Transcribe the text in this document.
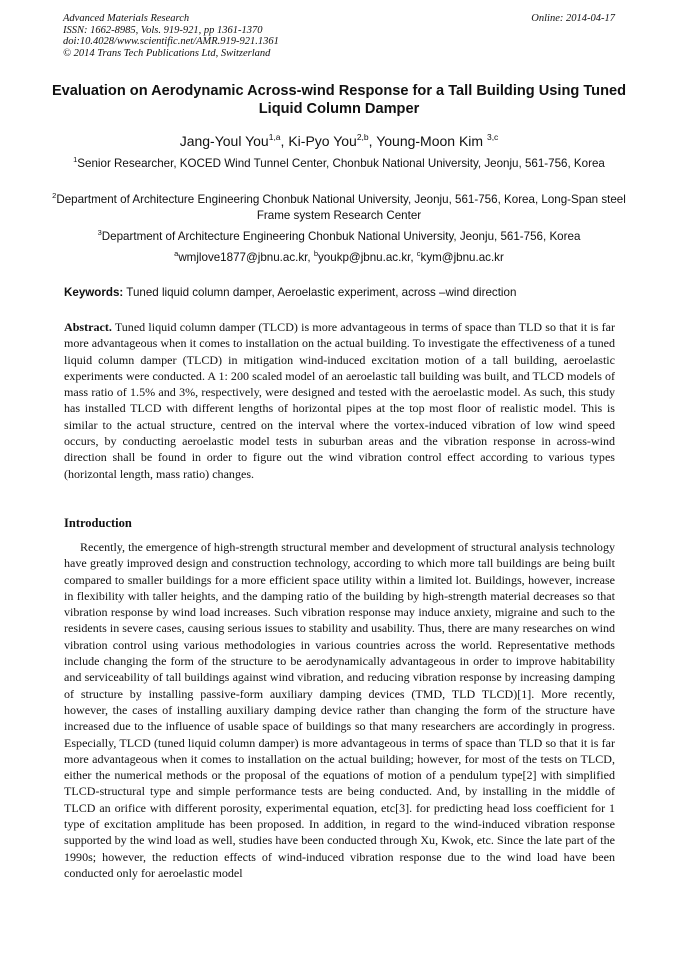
Advanced Materials Research
ISSN: 1662-8985, Vols. 919-921, pp 1361-1370
doi:10.4028/www.scientific.net/AMR.919-921.1361
© 2014 Trans Tech Publications Ltd, Switzerland
Online: 2014-04-17
Evaluation on Aerodynamic Across-wind Response for a Tall Building Using Tuned Liquid Column Damper
Jang-Youl You$^{1,a}$, Ki-Pyo You$^{2,b}$, Young-Moon Kim $^{3,c}$
$^1$Senior Researcher, KOCED Wind Tunnel Center, Chonbuk National University, Jeonju, 561-756, Korea
$^2$Department of Architecture Engineering Chonbuk National University, Jeonju, 561-756, Korea, Long-Span steel Frame system Research Center
$^3$Department of Architecture Engineering Chonbuk National University, Jeonju, 561-756, Korea
$^a$wmjlove1877@jbnu.ac.kr, $^b$youkp@jbnu.ac.kr, $^c$kym@jbnu.ac.kr
Keywords: Tuned liquid column damper, Aeroelastic experiment, across –wind direction
Abstract. Tuned liquid column damper (TLCD) is more advantageous in terms of space than TLD so that it is far more advantageous when it comes to installation on the actual building. To investigate the effectiveness of a tuned liquid column damper (TLCD) in mitigation wind-induced excitation motion of a tall building, aeroelastic experiments were conducted. A 1: 200 scaled model of an aeroelastic tall building was built, and TLCD models of mass ratio of 1.5% and 3%, respectively, were designed and tested with the aeroelastic model. As such, this study has installed TLCD with different lengths of horizontal pipes at the top most floor of realistic model. This is similar to the actual structure, centred on the interval where the vortex-induced vibration of low wind speed occurs, by conducting aeroelastic model tests in suburban areas and the vibration response in across-wind direction shall be found in order to figure out the wind vibration control effect according to various types (horizontal length, mass ratio) changes.
Introduction
Recently, the emergence of high-strength structural member and development of structural analysis technology have greatly improved design and construction technology, according to which more tall buildings are being built compared to smaller buildings for a more efficient space utility within a limited lot. Buildings, however, increase in flexibility with taller heights, and the damping ratio of the building by high-strength material decreases so that vibration response by wind load increases. Such vibration response may induce anxiety, migraine and such to the residents in severe cases, causing serious issues to stability and usability. Thus, there are many researches on wind vibration control using various methodologies in various countries across the world. Representative methods include changing the form of the structure to be aerodynamically advantageous in order to improve habitability and serviceability of tall buildings against wind vibration, and reducing vibration response by increasing damping of structure by installing passive-form auxiliary damping devices (TMD, TLD TLCD)[1]. More recently, however, the cases of installing auxiliary damping device rather than changing the form of the structure have increased due to the influence of usable space of buildings so that many researchers are accordingly in progress. Especially, TLCD (tuned liquid column damper) is more advantageous in terms of space than TLD so that it is far more advantageous when it comes to installation on the actual building; however, for most of the tests on TLCD, either the numerical methods or the proposal of the equations of motion of a pendulum type[2] with simplified TLCD-structural type and simple performance tests are being conducted. And, by installing in the middle of TLCD an orifice with different porosity, experimental equation, etc[3]. for predicting head loss coefficient for 1 type of excitation amplitude has been proposed. In addition, in regard to the wind-induced vibration response supported by the wind load as well, studies have been conducted through Xu, Kwok, etc. Since the late part of the 1990s; however, the reduction effects of wind-induced vibration response due to the wind load have been conducted only for aeroelastic model
